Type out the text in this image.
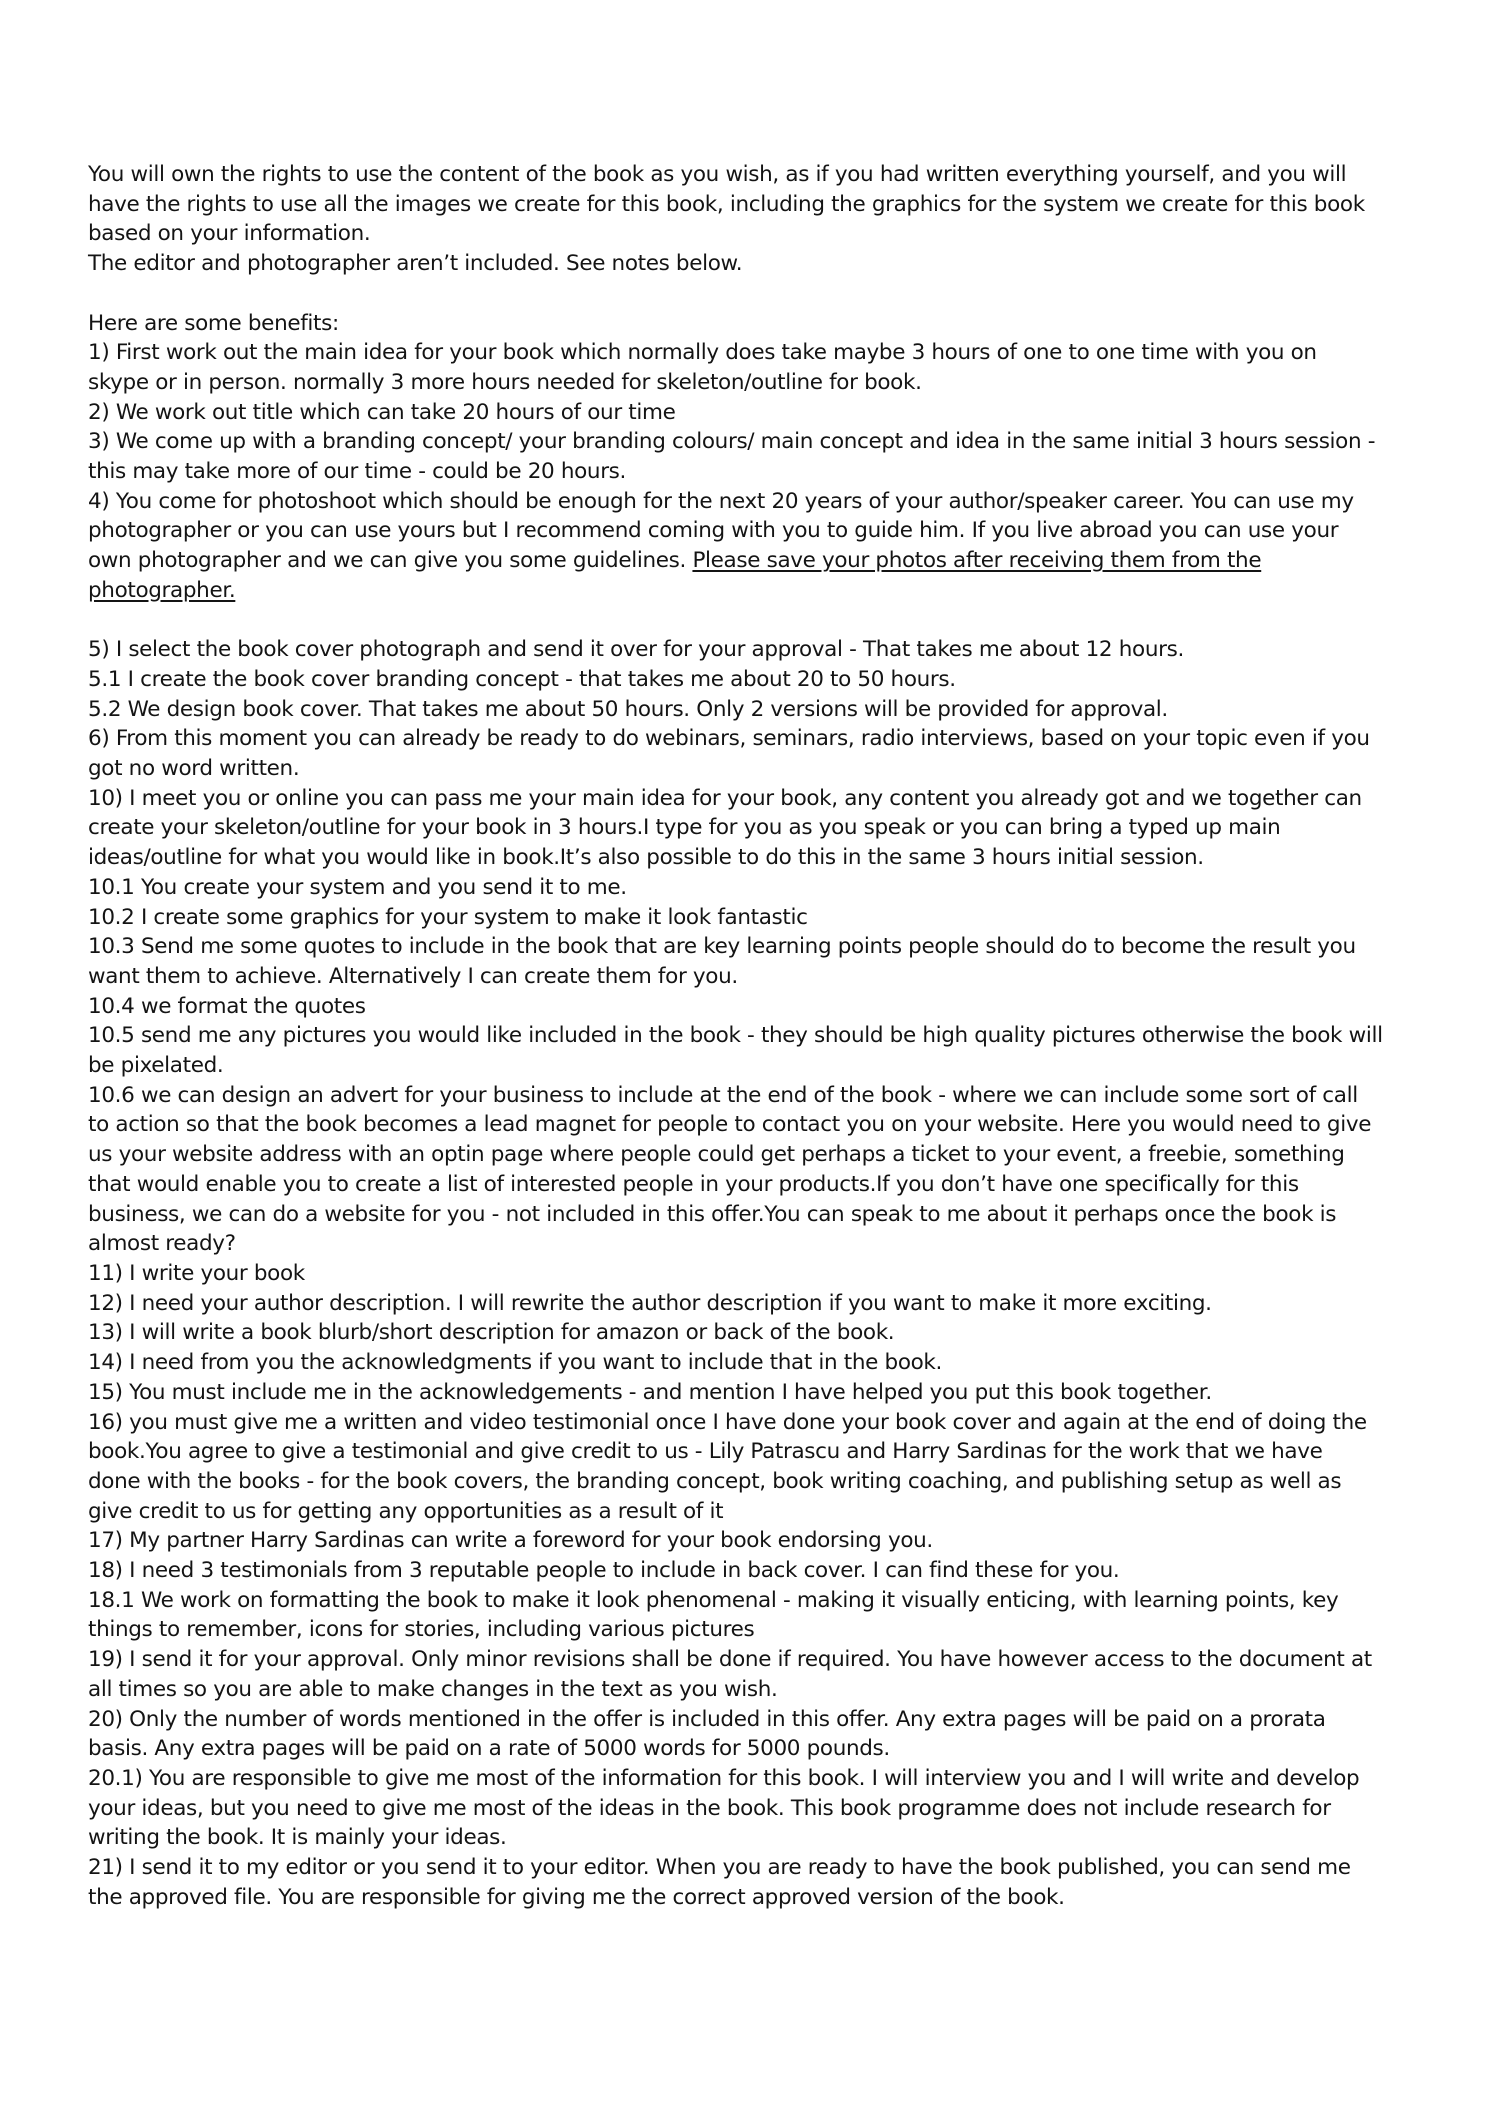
You will own the rights to use the content of the book as you wish, as if you had written everything yourself, and you will
have the rights to use all the images we create for this book, including the graphics for the system we create for this book
based on your information.
The editor and photographer aren’t included. See notes below.
Here are some benefits:
1) First work out the main idea for your book which normally does take maybe 3 hours of one to one time with you on
skype or in person. normally 3 more hours needed for skeleton/outline for book.
2) We work out title which can take 20 hours of our time
3) We come up with a branding concept/ your branding colours/ main concept and idea in the same initial 3 hours session -
this may take more of our time - could be 20 hours.
4) You come for photoshoot which should be enough for the next 20 years of your author/speaker career. You can use my
photographer or you can use yours but I recommend coming with you to guide him. If you live abroad you can use your
own photographer and we can give you some guidelines. Please save your photos after receiving them from the
photographer.
5) I select the book cover photograph and send it over for your approval - That takes me about 12 hours.
5.1 I create the book cover branding concept - that takes me about 20 to 50 hours.
5.2 We design book cover. That takes me about 50 hours. Only 2 versions will be provided for approval.
6) From this moment you can already be ready to do webinars, seminars, radio interviews, based on your topic even if you
got no word written.
10) I meet you or online you can pass me your main idea for your book, any content you already got and we together can
create your skeleton/outline for your book in 3 hours.I type for you as you speak or you can bring a typed up main
ideas/outline for what you would like in book.It’s also possible to do this in the same 3 hours initial session.
10.1 You create your system and you send it to me.
10.2 I create some graphics for your system to make it look fantastic
10.3 Send me some quotes to include in the book that are key learning points people should do to become the result you
want them to achieve. Alternatively I can create them for you.
10.4 we format the quotes
10.5 send me any pictures you would like included in the book - they should be high quality pictures otherwise the book will
be pixelated.
10.6 we can design an advert for your business to include at the end of the book - where we can include some sort of call
to action so that the book becomes a lead magnet for people to contact you on your website. Here you would need to give
us your website address with an optin page where people could get perhaps a ticket to your event, a freebie, something
that would enable you to create a list of interested people in your products.If you don’t have one specifically for this
business, we can do a website for you - not included in this offer.You can speak to me about it perhaps once the book is
almost ready?
11) I write your book
12) I need your author description. I will rewrite the author description if you want to make it more exciting.
13) I will write a book blurb/short description for amazon or back of the book.
14) I need from you the acknowledgments if you want to include that in the book.
15) You must include me in the acknowledgements - and mention I have helped you put this book together.
16) you must give me a written and video testimonial once I have done your book cover and again at the end of doing the
book.You agree to give a testimonial and give credit to us - Lily Patrascu and Harry Sardinas for the work that we have
done with the books - for the book covers, the branding concept, book writing coaching, and publishing setup as well as
give credit to us for getting any opportunities as a result of it
17) My partner Harry Sardinas can write a foreword for your book endorsing you.
18) I need 3 testimonials from 3 reputable people to include in back cover. I can find these for you.
18.1 We work on formatting the book to make it look phenomenal - making it visually enticing, with learning points, key
things to remember, icons for stories, including various pictures
19) I send it for your approval. Only minor revisions shall be done if required. You have however access to the document at
all times so you are able to make changes in the text as you wish.
20) Only the number of words mentioned in the offer is included in this offer. Any extra pages will be paid on a prorata
basis. Any extra pages will be paid on a rate of 5000 words for 5000 pounds.
20.1) You are responsible to give me most of the information for this book. I will interview you and I will write and develop
your ideas, but you need to give me most of the ideas in the book. This book programme does not include research for
writing the book. It is mainly your ideas.
21) I send it to my editor or you send it to your editor. When you are ready to have the book published, you can send me
the approved file. You are responsible for giving me the correct approved version of the book.
